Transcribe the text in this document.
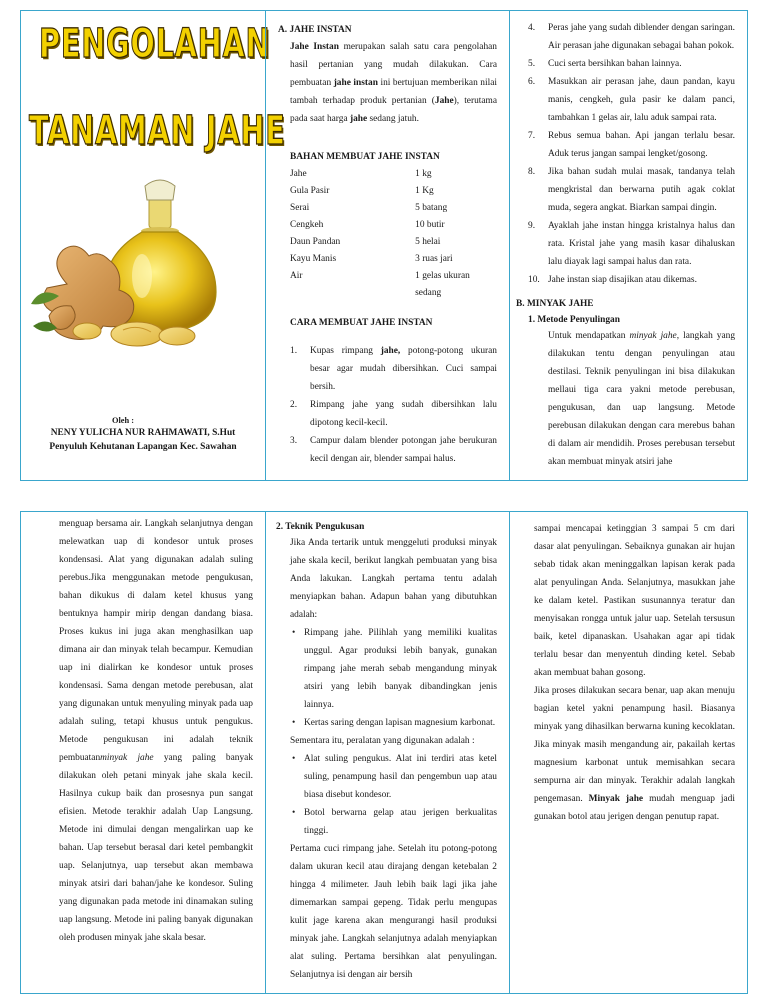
PENGOLAHAN
TANAMAN JAHE
Oleh :
NENY YULICHA NUR RAHMAWATI, S.Hut
Penyuluh Kehutanan Lapangan Kec. Sawahan

A. JAHE INSTAN

Jahe Instan merupakan salah satu cara pengolahan hasil pertanian yang mudah dilakukan. Cara pembuatan jahe instan ini bertujuan memberikan nilai tambah terhadap produk pertanian (Jahe), terutama pada saat harga jahe sedang jatuh.

BAHAN MEMBUAT JAHE INSTAN

Jahe	1 kg
Gula Pasir	1 Kg
Serai	5 batang
Cengkeh	10 butir
Daun Pandan	5 helai
Kayu Manis	3 ruas jari
Air	1 gelas ukuran sedang

CARA MEMBUAT JAHE INSTAN

1. Kupas rimpang jahe, potong-potong ukuran besar agar mudah dibersihkan. Cuci sampai bersih.

2. Rimpang jahe yang sudah dibersihkan lalu dipotong kecil-kecil.

3. Campur dalam blender potongan jahe berukuran kecil dengan air, blender sampai halus.

4. Peras jahe yang sudah diblender dengan saringan. Air perasan jahe digunakan sebagai bahan pokok.

5. Cuci serta bersihkan bahan lainnya.

6. Masukkan air perasan jahe, daun pandan, kayu manis, cengkeh, gula pasir ke dalam panci, tambahkan 1 gelas air, lalu aduk sampai rata.

7. Rebus semua bahan. Api jangan terlalu besar. Aduk terus jangan sampai lengket/gosong.

8. Jika bahan sudah mulai masak, tandanya telah mengkristal dan berwarna putih agak coklat muda, segera angkat. Biarkan sampai dingin.

9. Ayaklah jahe instan hingga kristalnya halus dan rata. Kristal jahe yang masih kasar dihaluskan lalu diayak lagi sampai halus dan rata.

10. Jahe instan siap disajikan atau dikemas.

B. MINYAK JAHE

1. Metode Penyulingan

Untuk mendapatkan minyak jahe, langkah yang dilakukan tentu dengan penyulingan atau destilasi. Teknik penyulingan ini bisa dilakukan mellaui tiga cara yakni metode perebusan, pengukusan, dan uap langsung. Metode perebusan dilakukan dengan cara merebus bahan di dalam air mendidih. Proses perebusan tersebut akan membuat minyak atsiri jahe

menguap bersama air. Langkah selanjutnya dengan melewatkan uap di kondesor untuk proses kondensasi. Alat yang digunakan adalah suling perebus.Jika menggunakan metode pengukusan, bahan dikukus di dalam ketel khusus yang bentuknya hampir mirip dengan dandang biasa. Proses kukus ini juga akan menghasilkan uap dimana air dan minyak telah becampur. Kemudian uap ini dialirkan ke kondesor untuk proses kondensasi. Sama dengan metode perebusan, alat yang digunakan untuk menyuling minyak pada uap adalah suling, tetapi khusus untuk pengukus. Metode pengukusan ini adalah teknik pembuatanminyak jahe yang paling banyak dilakukan oleh petani minyak jahe skala kecil. Hasilnya cukup baik dan prosesnya pun sangat efisien. Metode terakhir adalah Uap Langsung. Metode ini dimulai dengan mengalirkan uap ke bahan. Uap tersebut berasal dari ketel pembangkit uap. Selanjutnya, uap tersebut akan membawa minyak atsiri dari bahan/jahe ke kondesor. Suling yang digunakan pada metode ini dinamakan suling uap langsung. Metode ini paling banyak digunakan oleh produsen minyak jahe skala besar.

2. Teknik Pengukusan

Jika Anda tertarik untuk menggeluti produksi minyak jahe skala kecil, berikut langkah pembuatan yang bisa Anda lakukan. Langkah pertama tentu adalah menyiapkan bahan. Adapun bahan yang dibutuhkan adalah:

• Rimpang jahe. Pilihlah yang memiliki kualitas unggul. Agar produksi lebih banyak, gunakan rimpang jahe merah sebab mengandung minyak atsiri yang lebih banyak dibandingkan jenis lainnya.

• Kertas saring dengan lapisan magnesium karbonat.

Sementara itu, peralatan yang digunakan adalah :

• Alat suling pengukus. Alat ini terdiri atas ketel suling, penampung hasil dan pengembun uap atau biasa disebut kondesor.

• Botol berwarna gelap atau jerigen berkualitas tinggi.

Pertama cuci rimpang jahe. Setelah itu potong-potong dalam ukuran kecil atau dirajang dengan ketebalan 2 hingga 4 milimeter. Jauh lebih baik lagi jika jahe dimemarkan sampai gepeng. Tidak perlu mengupas kulit jage karena akan mengurangi hasil produksi minyak jahe. Langkah selanjutnya adalah menyiapkan alat suling. Pertama bersihkan alat penyulingan. Selanjutnya isi dengan air bersih

sampai mencapai ketinggian 3 sampai 5 cm dari dasar alat penyulingan. Sebaiknya gunakan air hujan sebab tidak akan meninggalkan lapisan kerak pada alat penyulingan Anda. Selanjutnya, masukkan jahe ke dalam ketel. Pastikan susunannya teratur dan menyisakan rongga untuk jalur uap. Setelah tersusun baik, ketel dipanaskan. Usahakan agar api tidak terlalu besar dan menyentuh dinding ketel. Sebab akan membuat bahan gosong.

Jika proses dilakukan secara benar, uap akan menuju bagian ketel yakni penampung hasil. Biasanya minyak yang dihasilkan berwarna kuning kecoklatan. Jika minyak masih mengandung air, pakailah kertas magnesium karbonat untuk memisahkan secara sempurna air dan minyak. Terakhir adalah langkah pengemasan. Minyak jahe mudah menguap jadi gunakan botol atau jerigen dengan penutup rapat.
